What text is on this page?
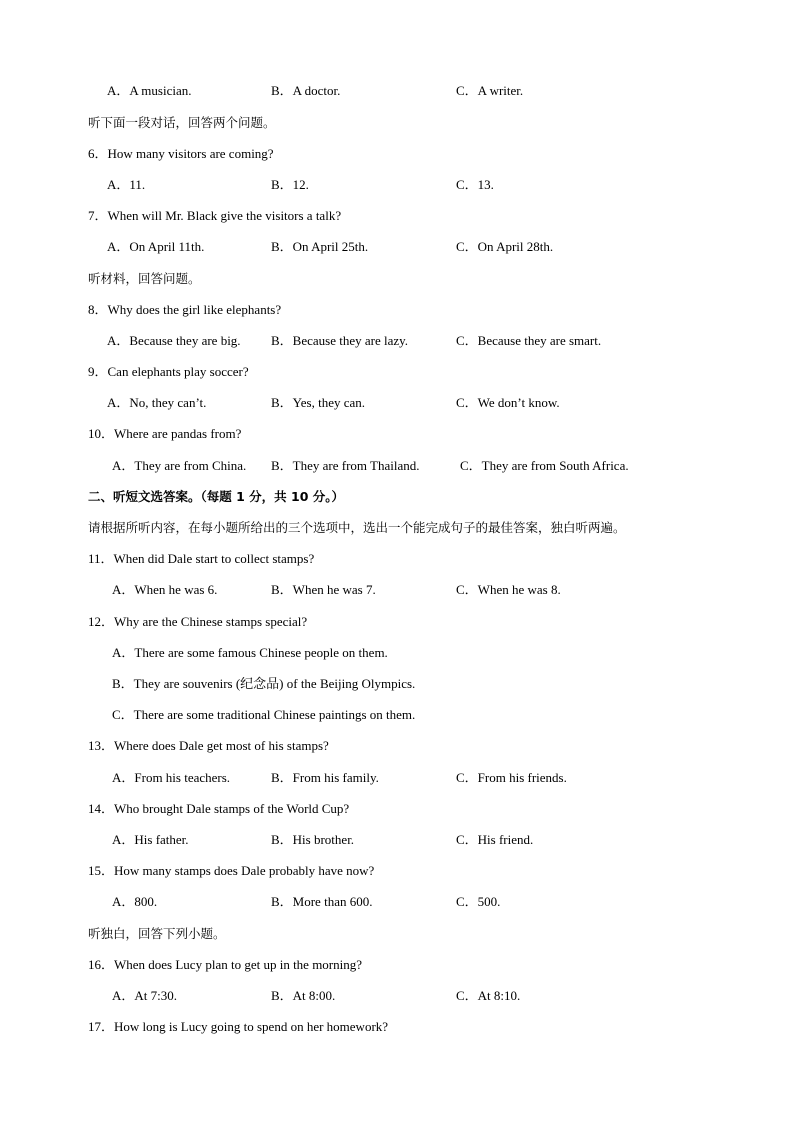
A．A musician.	B．A doctor.	C．A writer.
听下面一段对话，回答两个问题。
6．How many visitors are coming?
A．11.	B．12.	C．13.
7．When will Mr. Black give the visitors a talk?
A．On April 11th.	B．On April 25th.	C．On April 28th.
听材料，回答问题。
8．Why does the girl like elephants?
A．Because they are big. B．Because they are lazy.	C．Because they are smart.
9．Can elephants play soccer?
A．No, they can’t.	B．Yes, they can.	C．We don’t know.
10．Where are pandas from?
A．They are from China. B．They are from Thailand.	C．They are from South Africa.
二、听短文选答案。（每题 1 分，共 10 分。）
请根据所听内容，在每小题所给出的三个选项中，选出一个能完成句子的最佳答案，独白听两遍。
11．When did Dale start to collect stamps?
A．When he was 6.	B．When he was 7.	C．When he was 8.
12．Why are the Chinese stamps special?
A．There are some famous Chinese people on them.
B．They are souvenirs (纪念品) of the Beijing Olympics.
C．There are some traditional Chinese paintings on them.
13．Where does Dale get most of his stamps?
A．From his teachers.	B．From his family.	C．From his friends.
14．Who brought Dale stamps of the World Cup?
A．His father.	B．His brother.	C．His friend.
15．How many stamps does Dale probably have now?
A．800.	B．More than 600.	C．500.
听独白，回答下列小题。
16．When does Lucy plan to get up in the morning?
A．At 7:30.	B．At 8:00.	C．At 8:10.
17．How long is Lucy going to spend on her homework?
